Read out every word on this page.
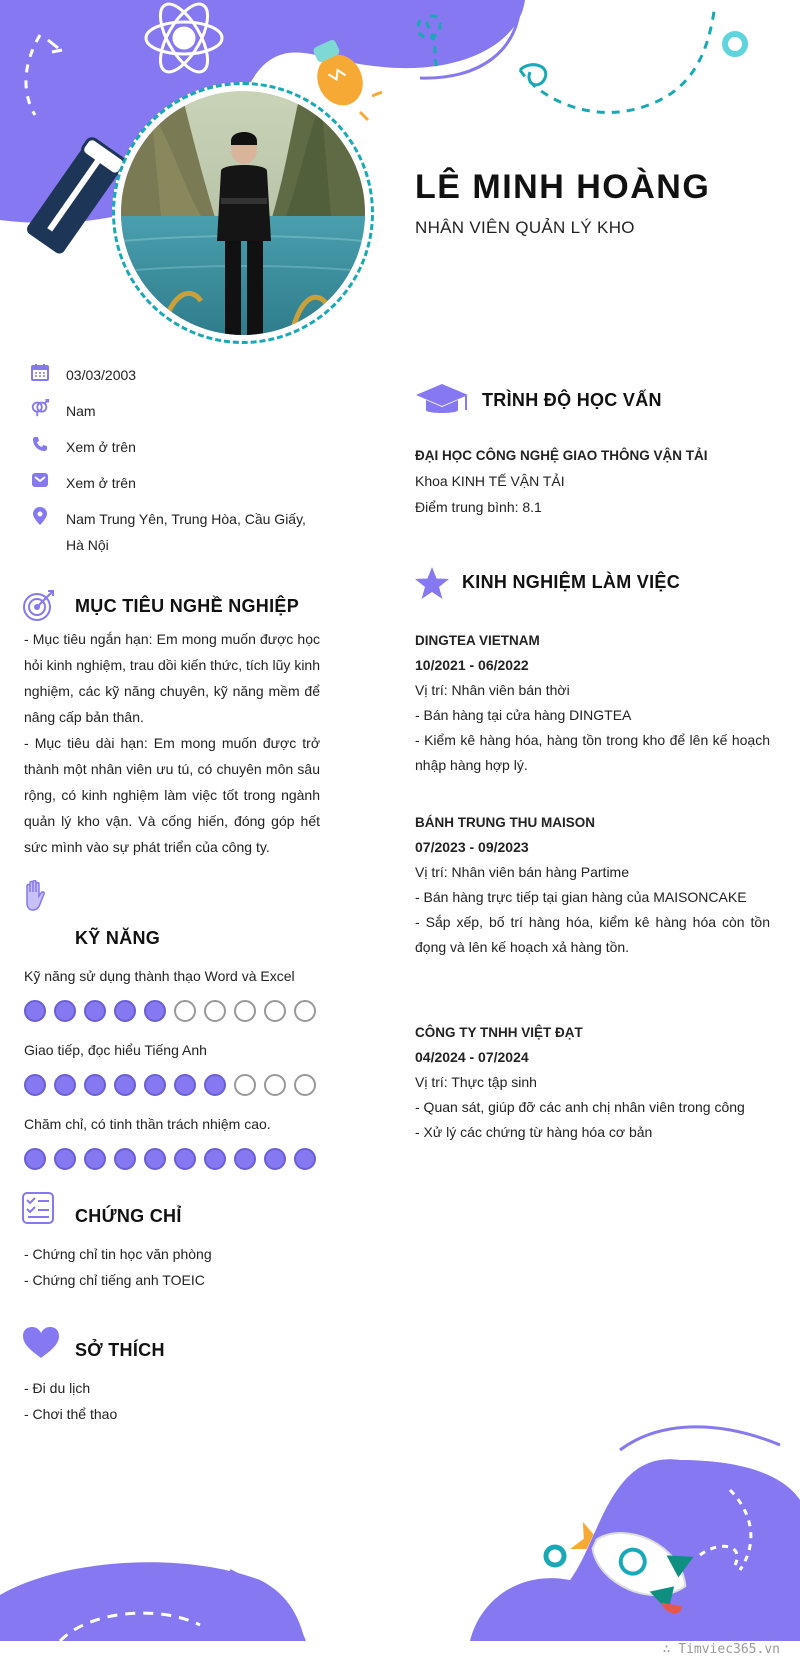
LÊ MINH HOÀNG
NHÂN VIÊN QUẢN LÝ KHO
03/03/2003
Nam
Xem ở trên
Xem ở trên
Nam Trung Yên, Trung Hòa, Cầu Giấy, Hà Nội
MỤC TIÊU NGHỀ NGHIỆP
- Mục tiêu ngắn hạn: Em mong muốn được học hỏi kinh nghiệm, trau dồi kiến thức, tích lũy kinh nghiệm, các kỹ năng chuyên, kỹ năng mềm để nâng cấp bản thân.
- Mục tiêu dài hạn: Em mong muốn được trở thành một nhân viên ưu tú, có chuyên môn sâu rộng, có kinh nghiệm làm việc tốt trong ngành quản lý kho vận. Và cống hiến, đóng góp hết sức mình vào sự phát triển của công ty.
KỸ NĂNG
Kỹ năng sử dụng thành thạo Word và Excel
Giao tiếp, đọc hiểu Tiếng Anh
Chăm chỉ, có tinh thần trách nhiệm cao.
CHỨNG CHỈ
- Chứng chỉ tin học văn phòng
- Chứng chỉ tiếng anh TOEIC
SỞ THÍCH
- Đi du lịch
- Chơi thể thao
TRÌNH ĐỘ HỌC VẤN
ĐẠI HỌC CÔNG NGHỆ GIAO THÔNG VẬN TẢI
Khoa KINH TẾ VẬN TẢI
Điểm trung bình: 8.1
KINH NGHIỆM LÀM VIỆC
DINGTEA VIETNAM
10/2021 - 06/2022
Vị trí: Nhân viên bán thời
- Bán hàng tại cửa hàng DINGTEA
- Kiểm kê hàng hóa, hàng tồn trong kho để lên kế hoạch nhập hàng hợp lý.
BÁNH TRUNG THU MAISON
07/2023 - 09/2023
Vị trí: Nhân viên bán hàng Partime
- Bán hàng trực tiếp tại gian hàng của MAISONCAKE
- Sắp xếp, bố trí hàng hóa, kiểm kê hàng hóa còn tồn đọng và lên kế hoạch xả hàng tồn.
CÔNG TY TNHH VIỆT ĐẠT
04/2024 - 07/2024
Vị trí: Thực tập sinh
- Quan sát, giúp đỡ các anh chị nhân viên trong công
- Xử lý các chứng từ hàng hóa cơ bản
∴ Timviec365.vn
